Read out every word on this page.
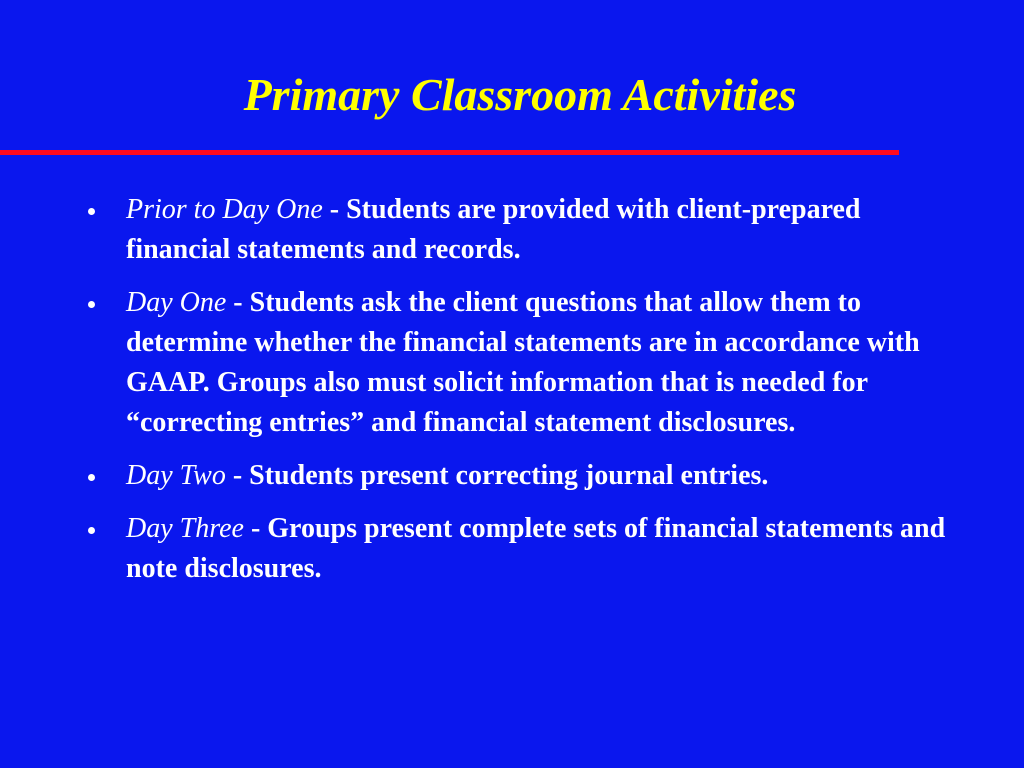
Primary Classroom Activities
Prior to Day One - Students are provided with client-prepared financial statements and records.
Day One - Students ask the client questions that allow them to determine whether the financial statements are in accordance with GAAP. Groups also must solicit information that is needed for “correcting entries” and financial statement disclosures.
Day Two - Students present correcting journal entries.
Day Three - Groups present complete sets of financial statements and note disclosures.
